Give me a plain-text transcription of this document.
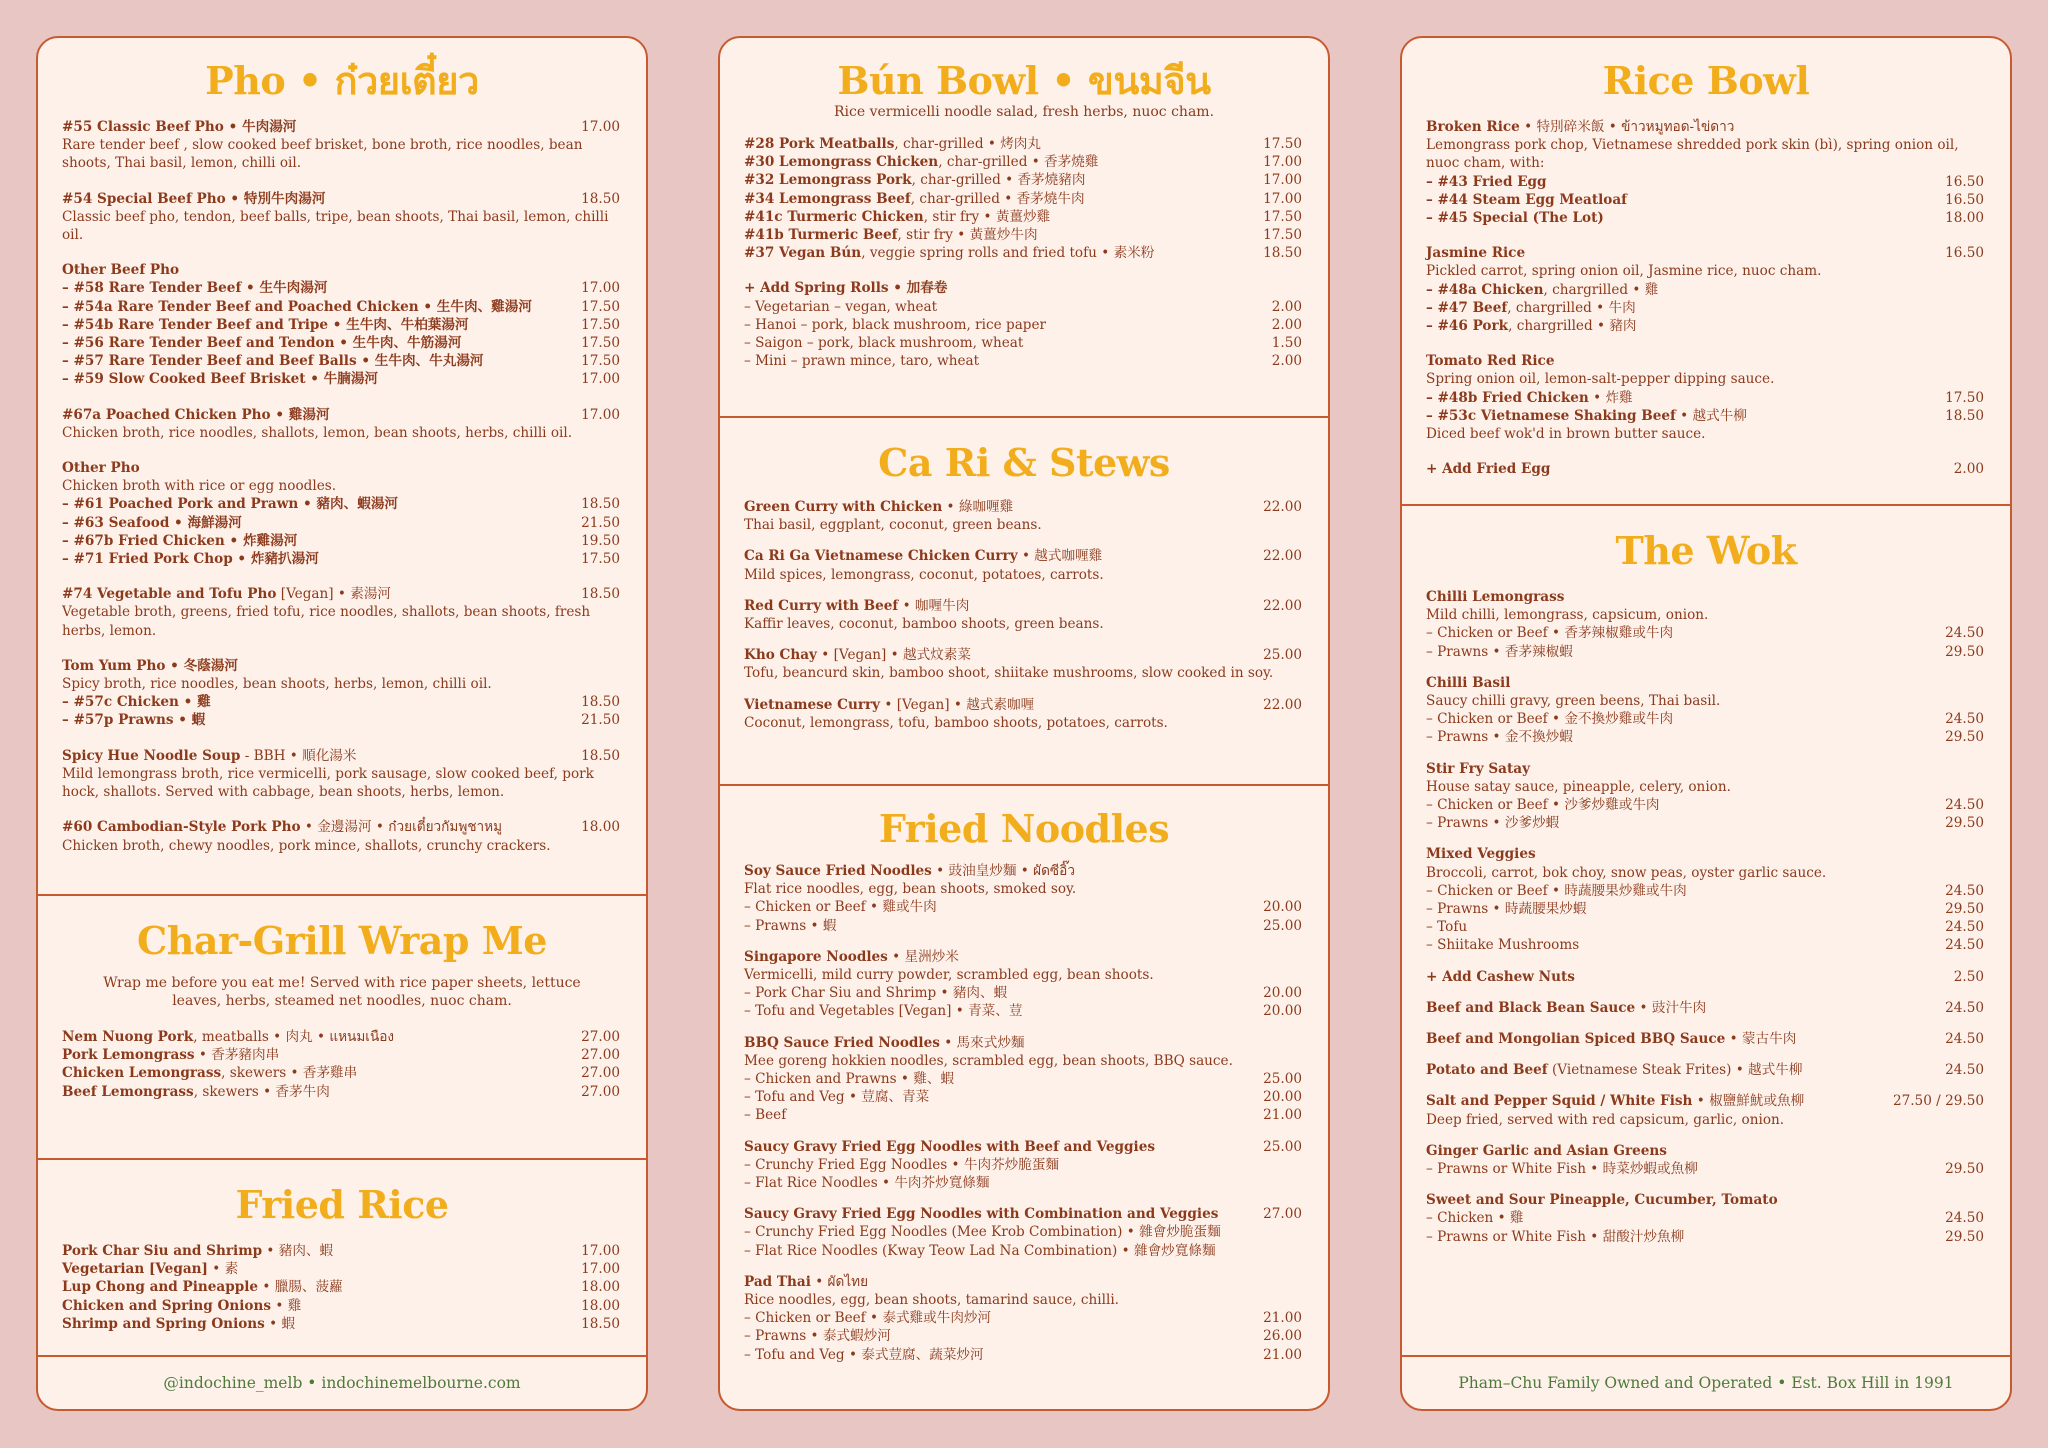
Pho • ก๋วยเตี๋ยว
#55 Classic Beef Pho • 牛肉湯河	17.00
Rare tender beef , slow cooked beef brisket, bone broth, rice noodles, bean shoots, Thai basil, lemon, chilli oil.
#54 Special Beef Pho • 特別牛肉湯河	18.50
Classic beef pho, tendon, beef balls, tripe, bean shoots, Thai basil, lemon, chilli oil.
Other Beef Pho
– #58 Rare Tender Beef • 生牛肉湯河	17.00
– #54a Rare Tender Beef and Poached Chicken • 生牛肉、雞湯河	17.50
– #54b Rare Tender Beef and Tripe • 生牛肉、牛柏葉湯河	17.50
– #56 Rare Tender Beef and Tendon • 生牛肉、牛筋湯河	17.50
– #57 Rare Tender Beef and Beef Balls • 生牛肉、牛丸湯河	17.50
– #59 Slow Cooked Beef Brisket • 牛腩湯河	17.00
#67a Poached Chicken Pho • 雞湯河	17.00
Chicken broth, rice noodles, shallots, lemon, bean shoots, herbs, chilli oil.
Other Pho
Chicken broth with rice or egg noodles.
– #61 Poached Pork and Prawn • 豬肉、蝦湯河	18.50
– #63 Seafood • 海鮮湯河	21.50
– #67b Fried Chicken • 炸雞湯河	19.50
– #71 Fried Pork Chop • 炸豬扒湯河	17.50
#74 Vegetable and Tofu Pho [Vegan] • 素湯河	18.50
Vegetable broth, greens, fried tofu, rice noodles, shallots, bean shoots, fresh herbs, lemon.
Tom Yum Pho • 冬蔭湯河
Spicy broth, rice noodles, bean shoots, herbs, lemon, chilli oil.
– #57c Chicken • 雞	18.50
– #57p Prawns • 蝦	21.50
Spicy Hue Noodle Soup - BBH • 順化湯米	18.50
Mild lemongrass broth, rice vermicelli, pork sausage, slow cooked beef, pork hock, shallots. Served with cabbage, bean shoots, herbs, lemon.
#60 Cambodian-Style Pork Pho • 金邊湯河 • ก๋วยเตี๋ยวกัมพูชาหมู	18.00
Chicken broth, chewy noodles, pork mince, shallots, crunchy crackers.
Char-Grill Wrap Me

Wrap me before you eat me! Served with rice paper sheets, lettuce leaves, herbs, steamed net noodles, nuoc cham.

Nem Nuong Pork, meatballs • 肉丸 • แหนมเนือง	27.00
Pork Lemongrass • 香茅豬肉串	27.00
Chicken Lemongrass, skewers • 香茅雞串	27.00
Beef Lemongrass, skewers • 香茅牛肉	27.00
Fried Rice
Pork Char Siu and Shrimp • 豬肉、蝦	17.00
Vegetarian [Vegan] • 素	17.00
Lup Chong and Pineapple • 臘腸、菠蘿	18.00
Chicken and Spring Onions • 雞	18.00
Shrimp and Spring Onions • 蝦	18.50
@indochine_melb • indochinemelbourne.com
Bún Bowl • ขนมจีน

Rice vermicelli noodle salad, fresh herbs, nuoc cham.

#28 Pork Meatballs, char-grilled • 烤肉丸	17.50
#30 Lemongrass Chicken, char-grilled • 香茅燒雞	17.00
#32 Lemongrass Pork, char-grilled • 香茅燒豬肉	17.00
#34 Lemongrass Beef, char-grilled • 香茅燒牛肉	17.00
#41c Turmeric Chicken, stir fry • 黃薑炒雞	17.50
#41b Turmeric Beef, stir fry • 黃薑炒牛肉	17.50
#37 Vegan Bún, veggie spring rolls and fried tofu • 素米粉	18.50
+ Add Spring Rolls • 加春卷
– Vegetarian – vegan, wheat	2.00
– Hanoi – pork, black mushroom, rice paper	2.00
– Saigon – pork, black mushroom, wheat	1.50
– Mini – prawn mince, taro, wheat	2.00
Ca Ri & Stews
Green Curry with Chicken • 綠咖喱雞	22.00
Thai basil, eggplant, coconut, green beans.
Ca Ri Ga Vietnamese Chicken Curry • 越式咖喱雞	22.00
Mild spices, lemongrass, coconut, potatoes, carrots.
Red Curry with Beef • 咖喱牛肉	22.00
Kaffir leaves, coconut, bamboo shoots, green beans.
Kho Chay • [Vegan] • 越式炆素菜	25.00
Tofu, beancurd skin, bamboo shoot, shiitake mushrooms, slow cooked in soy.
Vietnamese Curry • [Vegan] • 越式素咖喱	22.00
Coconut, lemongrass, tofu, bamboo shoots, potatoes, carrots.
Fried Noodles
Soy Sauce Fried Noodles • 豉油皇炒麵 • ผัดซีอิ๊ว
Flat rice noodles, egg, bean shoots, smoked soy.
– Chicken or Beef • 雞或牛肉	20.00
– Prawns • 蝦	25.00
Singapore Noodles • 星洲炒米
Vermicelli, mild curry powder, scrambled egg, bean shoots.
– Pork Char Siu and Shrimp • 豬肉、蝦	20.00
– Tofu and Vegetables [Vegan] • 青菜、荳	20.00
BBQ Sauce Fried Noodles • 馬來式炒麵
Mee goreng hokkien noodles, scrambled egg, bean shoots, BBQ sauce.
– Chicken and Prawns • 雞、蝦	25.00
– Tofu and Veg • 荳腐、青菜	20.00
– Beef	21.00
Saucy Gravy Fried Egg Noodles with Beef and Veggies	25.00
– Crunchy Fried Egg Noodles • 牛肉芥炒脆蛋麵
– Flat Rice Noodles • 牛肉芥炒寬條麵
Saucy Gravy Fried Egg Noodles with Combination and Veggies	27.00
– Crunchy Fried Egg Noodles (Mee Krob Combination) • 雜會炒脆蛋麵
– Flat Rice Noodles (Kway Teow Lad Na Combination) • 雜會炒寬條麵
Pad Thai • ผัดไทย
Rice noodles, egg, bean shoots, tamarind sauce, chilli.
– Chicken or Beef • 泰式雞或牛肉炒河	21.00
– Prawns • 泰式蝦炒河	26.00
– Tofu and Veg • 泰式荳腐、蔬菜炒河	21.00
Rice Bowl
Broken Rice • 特別碎米飯 • ข้าวหมูทอด-ไข่ดาว
Lemongrass pork chop, Vietnamese shredded pork skin (bì), spring onion oil, nuoc cham, with:
– #43 Fried Egg	16.50
– #44 Steam Egg Meatloaf	16.50
– #45 Special (The Lot)	18.00
Jasmine Rice	16.50
Pickled carrot, spring onion oil, Jasmine rice, nuoc cham.
– #48a Chicken, chargrilled • 雞
– #47 Beef, chargrilled • 牛肉
– #46 Pork, chargrilled • 豬肉
Tomato Red Rice
Spring onion oil, lemon-salt-pepper dipping sauce.
– #48b Fried Chicken • 炸雞	17.50
– #53c Vietnamese Shaking Beef • 越式牛柳	18.50
Diced beef wok'd in brown butter sauce.
+ Add Fried Egg	2.00
The Wok
Chilli Lemongrass
Mild chilli, lemongrass, capsicum, onion.
– Chicken or Beef • 香茅辣椒雞或牛肉	24.50
– Prawns • 香茅辣椒蝦	29.50
Chilli Basil
Saucy chilli gravy, green beens, Thai basil.
– Chicken or Beef • 金不換炒雞或牛肉	24.50
– Prawns • 金不換炒蝦	29.50
Stir Fry Satay
House satay sauce, pineapple, celery, onion.
– Chicken or Beef • 沙爹炒雞或牛肉	24.50
– Prawns • 沙爹炒蝦	29.50
Mixed Veggies
Broccoli, carrot, bok choy, snow peas, oyster garlic sauce.
– Chicken or Beef • 時蔬腰果炒雞或牛肉	24.50
– Prawns • 時蔬腰果炒蝦	29.50
– Tofu	24.50
– Shiitake Mushrooms	24.50
+ Add Cashew Nuts	2.50
Beef and Black Bean Sauce • 豉汁牛肉	24.50
Beef and Mongolian Spiced BBQ Sauce • 蒙古牛肉	24.50
Potato and Beef (Vietnamese Steak Frites) • 越式牛柳	24.50
Salt and Pepper Squid / White Fish • 椒鹽鮮魷或魚柳	27.50 / 29.50
Deep fried, served with red capsicum, garlic, onion.
Ginger Garlic and Asian Greens
– Prawns or White Fish • 時菜炒蝦或魚柳	29.50
Sweet and Sour Pineapple, Cucumber, Tomato
– Chicken • 雞	24.50
– Prawns or White Fish • 甜酸汁炒魚柳	29.50
Pham–Chu Family Owned and Operated • Est. Box Hill in 1991
